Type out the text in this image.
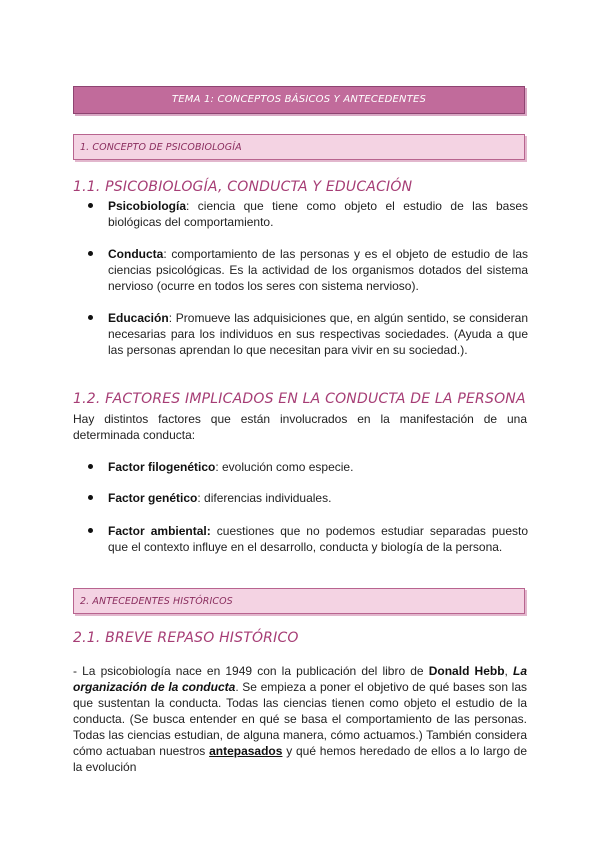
TEMA 1: CONCEPTOS BÁSICOS Y ANTECEDENTES
1. CONCEPTO DE PSICOBIOLOGÍA
1.1. PSICOBIOLOGÍA, CONDUCTA Y EDUCACIÓN
Psicobiología: ciencia que tiene como objeto el estudio de las bases biológicas del comportamiento.
Conducta: comportamiento de las personas y es el objeto de estudio de las ciencias psicológicas. Es la actividad de los organismos dotados del sistema nervioso (ocurre en todos los seres con sistema nervioso).
Educación: Promueve las adquisiciones que, en algún sentido, se consideran necesarias para los individuos en sus respectivas sociedades. (Ayuda a que las personas aprendan lo que necesitan para vivir en su sociedad.).
1.2. FACTORES IMPLICADOS EN LA CONDUCTA DE LA PERSONA
Hay distintos factores que están involucrados en la manifestación de una determinada conducta:
Factor filogenético: evolución como especie.
Factor genético: diferencias individuales.
Factor ambiental: cuestiones que no podemos estudiar separadas puesto que el contexto influye en el desarrollo, conducta y biología de la persona.
2. ANTECEDENTES HISTÓRICOS
2.1. BREVE REPASO HISTÓRICO
- La psicobiología nace en 1949 con la publicación del libro de Donald Hebb, La organización de la conducta. Se empieza a poner el objetivo de qué bases son las que sustentan la conducta. Todas las ciencias tienen como objeto el estudio de la conducta. (Se busca entender en qué se basa el comportamiento de las personas. Todas las ciencias estudian, de alguna manera, cómo actuamos.) También considera cómo actuaban nuestros antepasados y qué hemos heredado de ellos a lo largo de la evolución
